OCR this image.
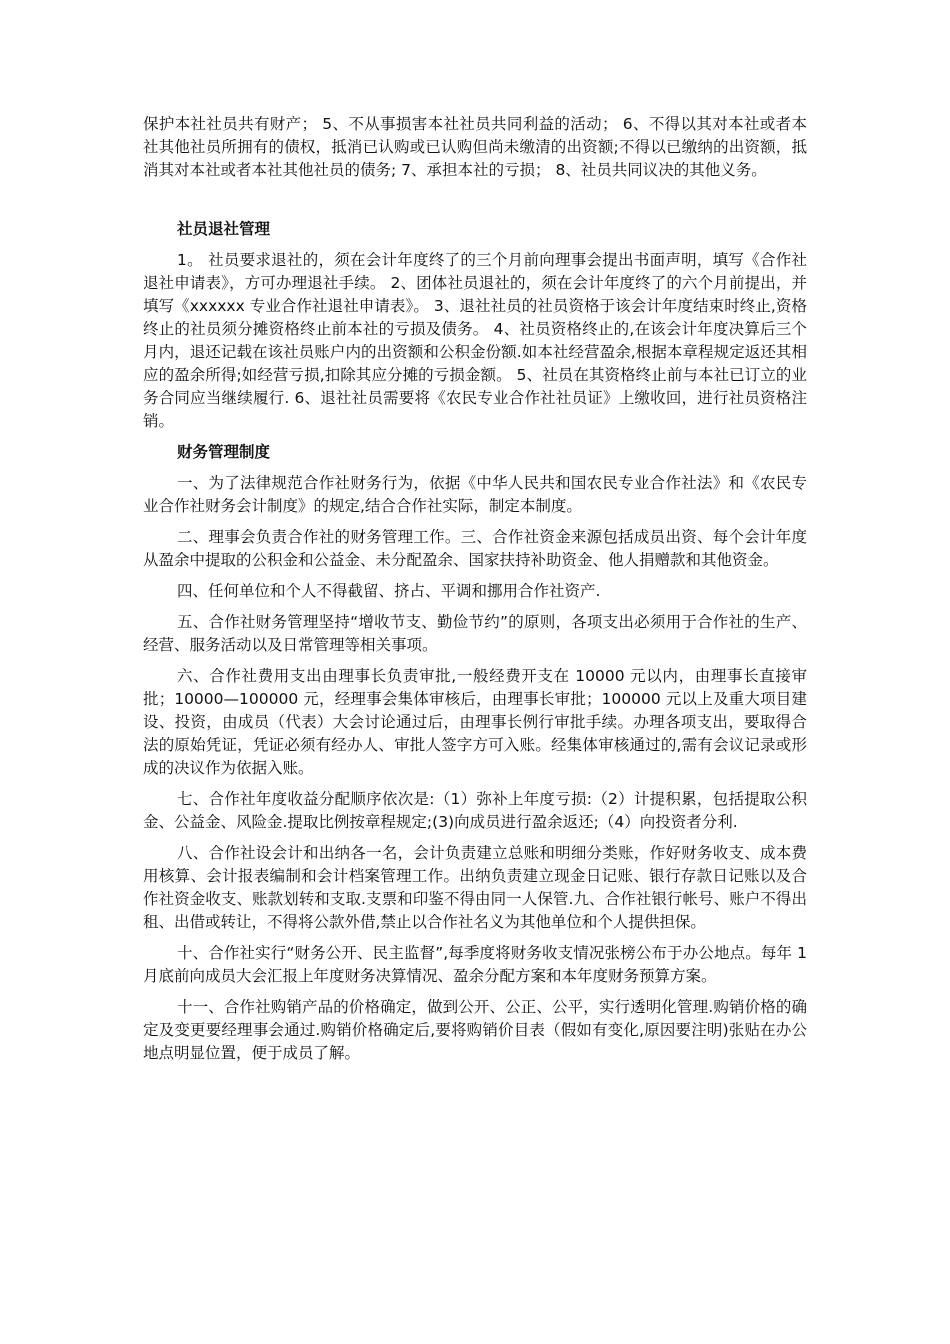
保护本社社员共有财产； 5、不从事损害本社社员共同利益的活动； 6、不得以其对本社或者本社其他社员所拥有的债权，抵消已认购或已认购但尚未缴清的出资额;不得以已缴纳的出资额，抵消其对本社或者本社其他社员的债务; 7、承担本社的亏损； 8、社员共同议决的其他义务。

社员退社管理

1。 社员要求退社的，须在会计年度终了的三个月前向理事会提出书面声明，填写《合作社退社申请表》，方可办理退社手续。 2、团体社员退社的，须在会计年度终了的六个月前提出，并填写《xxxxxx 专业合作社退社申请表》。 3、退社社员的社员资格于该会计年度结束时终止,资格终止的社员须分摊资格终止前本社的亏损及债务。 4、社员资格终止的,在该会计年度决算后三个月内，退还记载在该社员账户内的出资额和公积金份额.如本社经营盈余,根据本章程规定返还其相应的盈余所得;如经营亏损,扣除其应分摊的亏损金额。 5、社员在其资格终止前与本社已订立的业务合同应当继续履行. 6、退社社员需要将《农民专业合作社社员证》上缴收回，进行社员资格注销。

财务管理制度

一、为了法律规范合作社财务行为，依据《中华人民共和国农民专业合作社法》和《农民专业合作社财务会计制度》的规定,结合合作社实际，制定本制度。

二、理事会负责合作社的财务管理工作。三、合作社资金来源包括成员出资、每个会计年度从盈余中提取的公积金和公益金、未分配盈余、国家扶持补助资金、他人捐赠款和其他资金。

四、任何单位和个人不得截留、挤占、平调和挪用合作社资产.

五、合作社财务管理坚持“增收节支、勤俭节约”的原则，各项支出必须用于合作社的生产、经营、服务活动以及日常管理等相关事项。

六、合作社费用支出由理事长负责审批,一般经费开支在 10000 元以内，由理事长直接审批；10000—100000 元，经理事会集体审核后，由理事长审批；100000 元以上及重大项目建设、投资，由成员（代表）大会讨论通过后，由理事长例行审批手续。办理各项支出，要取得合法的原始凭证，凭证必须有经办人、审批人签字方可入账。经集体审核通过的,需有会议记录或形成的决议作为依据入账。

七、合作社年度收益分配顺序依次是:（1）弥补上年度亏损:（2）计提积累，包括提取公积金、公益金、风险金.提取比例按章程规定;(3)向成员进行盈余返还;（4）向投资者分利.

八、合作社设会计和出纳各一名，会计负责建立总账和明细分类账，作好财务收支、成本费用核算、会计报表编制和会计档案管理工作。出纳负责建立现金日记账、银行存款日记账以及合作社资金收支、账款划转和支取.支票和印鉴不得由同一人保管.九、合作社银行帐号、账户不得出租、出借或转让，不得将公款外借,禁止以合作社名义为其他单位和个人提供担保。

十、合作社实行“财务公开、民主监督”,每季度将财务收支情况张榜公布于办公地点。每年 1 月底前向成员大会汇报上年度财务决算情况、盈余分配方案和本年度财务预算方案。

十一、合作社购销产品的价格确定，做到公开、公正、公平，实行透明化管理.购销价格的确定及变更要经理事会通过.购销价格确定后,要将购销价目表（假如有变化,原因要注明)张贴在办公地点明显位置，便于成员了解。
